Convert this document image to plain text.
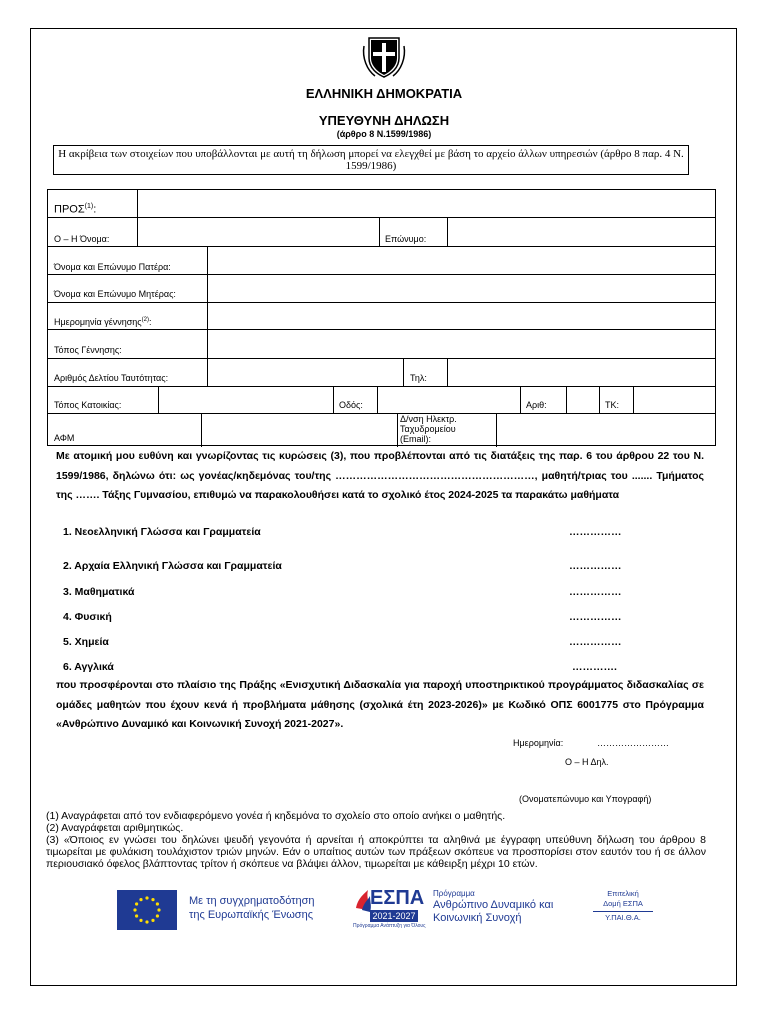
ΕΛΛΗΝΙΚΗ ΔΗΜΟΚΡΑΤΙΑ
ΥΠΕΥΘΥΝΗ ΔΗΛΩΣΗ
(άρθρο 8 Ν.1599/1986)
Η ακρίβεια των στοιχείων που υποβάλλονται με αυτή τη δήλωση μπορεί να ελεγχθεί με βάση το αρχείο άλλων υπηρεσιών (άρθρο 8 παρ. 4 Ν. 1599/1986)
ΠΡΟΣ$^{(1)}$:
Ο – Η Όνομα:	Επώνυμο:
Όνομα και Επώνυμο Πατέρα:
Όνομα και Επώνυμο Μητέρας:
Ημερομηνία γέννησης$^{(2)}$:
Τόπος Γέννησης:
Αριθμός Δελτίου Ταυτότητας:	Τηλ:
Τόπος Κατοικίας:	Οδός:	Αριθ:	ΤΚ:
ΑΦΜ
Δ/νση Ηλεκτρ.
Ταχυδρομείου
(Email):
Με ατομική μου ευθύνη και γνωρίζοντας τις κυρώσεις (3), που προβλέπονται από τις διατάξεις της παρ. 6 του άρθρου 22 του Ν. 1599/1986, δηλώνω ότι: ως γονέας/κηδεμόνας του/της …………………………………………………, μαθητή/τριας του ....... Τμήματος της ……. Τάξης Γυμνασίου, επιθυμώ να παρακολουθήσει κατά το σχολικό έτος 2024-2025 τα παρακάτω μαθήματα
1. Νεοελληνική Γλώσσα και Γραμματεία	……………
2. Αρχαία Ελληνική Γλώσσα και Γραμματεία	……………
3. Μαθηματικά	……………
4. Φυσική	……………
5. Χημεία	……………
6. Αγγλικά	………….
που προσφέρονται στο πλαίσιο της Πράξης «Ενισχυτική Διδασκαλία για παροχή υποστηρικτικού προγράμματος διδασκαλίας σε ομάδες μαθητών που έχουν κενά ή προβλήματα μάθησης (σχολικά έτη 2023-2026)» με Κωδικό ΟΠΣ 6001775 στο Πρόγραμμα «Ανθρώπινο Δυναμικό και Κοινωνική Συνοχή 2021-2027».
Ημερομηνία:	……………………
Ο – Η Δηλ.
(Ονοματεπώνυμο και Υπογραφή)
(1) Αναγράφεται από τον ενδιαφερόμενο γονέα ή κηδεμόνα το σχολείο στο οποίο ανήκει ο μαθητής.
(2) Αναγράφεται αριθμητικώς.
(3) «Όποιος εν γνώσει του δηλώνει ψευδή γεγονότα ή αρνείται ή αποκρύπτει τα αληθινά με έγγραφη υπεύθυνη δήλωση του άρθρου 8 τιμωρείται με φυλάκιση τουλάχιστον τριών μηνών. Εάν ο υπαίτιος αυτών των πράξεων σκόπευε να προσπορίσει στον εαυτόν του ή σε άλλον περιουσιακό όφελος βλάπτοντας τρίτον ή σκόπευε να βλάψει άλλον, τιμωρείται με κάθειρξη μέχρι 10 ετών.
Με τη συγχρηματοδότηση
της Ευρωπαϊκής Ένωσης
ΕΣΠΑ
2021-2027
Πρόγραμμα Ανάπτυξη για Όλους
Πρόγραμμα
Ανθρώπινο Δυναμικό και
Κοινωνική Συνοχή
Επιτελική
Δομή ΕΣΠΑ
Υ.ΠΑΙ.Θ.Α.
